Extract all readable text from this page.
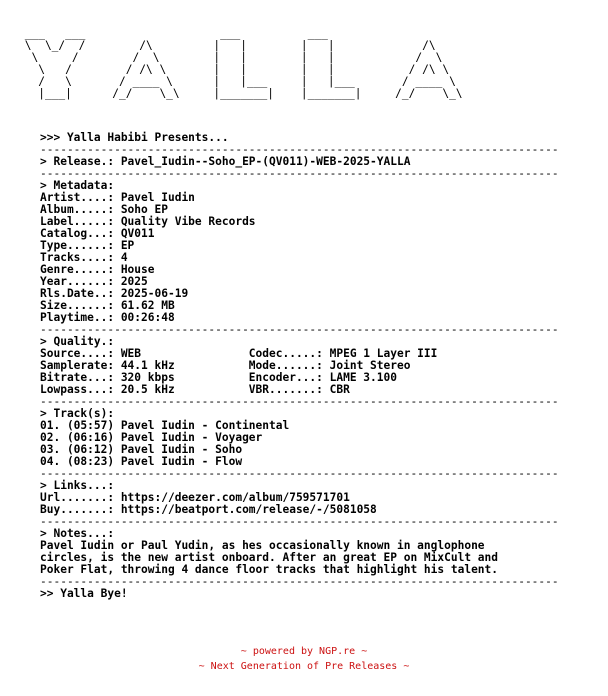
___   ___                    ___          ___
\  \_/  /        /\         |   |        |   |             /\
\     /        /  \        |   |        |   |            /  \
\   /        / /\ \       |   |        |   |           / /\ \
/   \       / ____ \      |   |___     |   |___       / ____ \
|___|      /_/    \_\     |_______|    |_______|     /_/    \_\
>>> Yalla Habibi Presents...
-----------------------------------------------------------------------------
> Release.: Pavel_Iudin--Soho_EP-(QV011)-WEB-2025-YALLA
-----------------------------------------------------------------------------
> Metadata:
Artist....: Pavel Iudin
Album.....: Soho EP
Label.....: Quality Vibe Records
Catalog...: QV011
Type......: EP
Tracks....: 4
Genre.....: House
Year......: 2025
Rls.Date..: 2025-06-19
Size......: 61.62 MB
Playtime..: 00:26:48
-----------------------------------------------------------------------------
> Quality.:
Source....: WEB                Codec.....: MPEG 1 Layer III
Samplerate: 44.1 kHz           Mode......: Joint Stereo
Bitrate...: 320 kbps           Encoder...: LAME 3.100
Lowpass...: 20.5 kHz           VBR.......: CBR
-----------------------------------------------------------------------------
> Track(s):
01. (05:57) Pavel Iudin - Continental
02. (06:16) Pavel Iudin - Voyager
03. (06:12) Pavel Iudin - Soho
04. (08:23) Pavel Iudin - Flow
-----------------------------------------------------------------------------
> Links...:
Url.......: https://deezer.com/album/759571701
Buy.......: https://beatport.com/release/-/5081058
-----------------------------------------------------------------------------
> Notes...:
Pavel Iudin or Paul Yudin, as hes occasionally known in anglophone
circles, is the new artist onboard. After an great EP on MixCult and
Poker Flat, throwing 4 dance floor tracks that highlight his talent.
-----------------------------------------------------------------------------
>> Yalla Bye!
~ powered by NGP.re ~
~ Next Generation of Pre Releases ~
